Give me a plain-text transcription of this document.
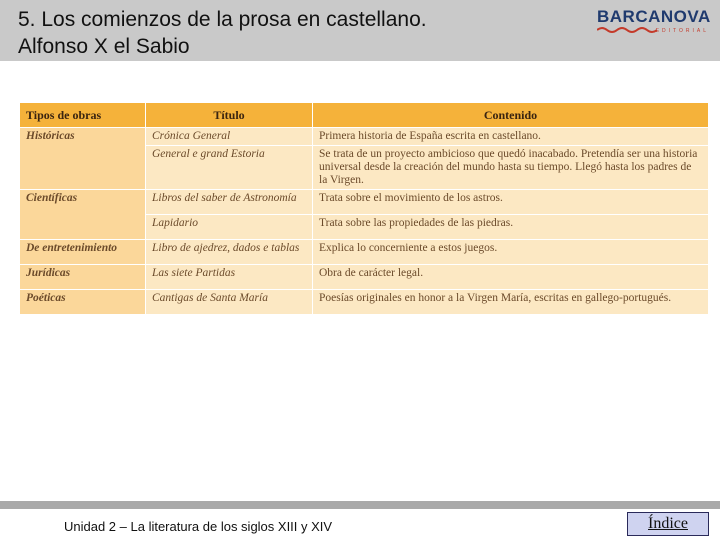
5. Los comienzos de la prosa en castellano.
Alfonso X el Sabio
BARCANOVA
EDITORIAL
Tipos de obras	Título	Contenido
Históricas	Crónica General	Primera historia de España escrita en castellano.
	General e grand Estoria	Se trata de un proyecto ambicioso que quedó inacabado. Pretendía ser una historia universal desde la creación del mundo hasta su tiempo. Llegó hasta los padres de la Virgen.
Científicas	Libros del saber de Astronomía	Trata sobre el movimiento de los astros.
	Lapidario	Trata sobre las propiedades de las piedras.
De entretenimiento	Libro de ajedrez, dados e tablas	Explica lo concerniente a estos juegos.
Jurídicas	Las siete Partidas	Obra de carácter legal.
Poéticas	Cantigas de Santa María	Poesías originales en honor a la Virgen María, escritas en gallego-portugués.
Unidad 2 – La literatura de los siglos XIII y XIV	Índice
